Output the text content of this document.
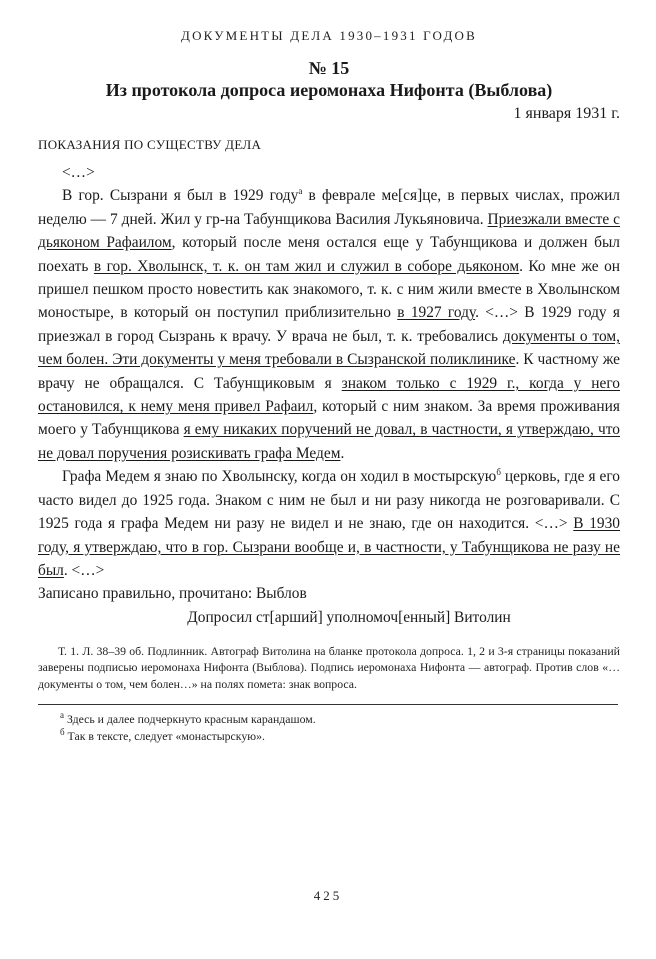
ДОКУМЕНТЫ ДЕЛА 1930–1931 ГОДОВ
№ 15
Из протокола допроса иеромонаха Нифонта (Выблова)
1 января 1931 г.
ПОКАЗАНИЯ ПО СУЩЕСТВУ ДЕЛА

<…>

В гор. Сызрани я был в 1929 году$^а$ в феврале ме[ся]це, в первых числах, прожил неделю — 7 дней. Жил у гр-на Табунщикова Василия Лукьяновича. Приезжали вместе с дьяконом Рафаилом, который после меня остался еще у Табунщикова и должен был поехать в гор. Хволынск, т. к. он там жил и служил в соборе дьяконом. Ко мне же он пришел пешком просто новестить как знакомого, т. к. с ним жили вместе в Хволынском моностыре, в который он поступил приблизительно в 1927 году. <…> В 1929 году я приезжал в город Сызрань к врачу. У врача не был, т. к. требовались документы о том, чем болен. Эти документы у меня требовали в Сызранской поликлинике. К частному же врачу не обращался. С Табунщиковым я знаком только с 1929 г., когда у него остановился, к нему меня привел Рафаил, который с ним знаком. За время проживания моего у Табунщикова я ему никаких поручений не довал, в частности, я утверждаю, что не довал поручения розискивать графа Медем.

Графа Медем я знаю по Хволынску, когда он ходил в мостырскую$^б$ церковь, где я его часто видел до 1925 года. Знаком с ним не был и ни разу никогда не розговаривали. С 1925 года я графа Медем ни разу не видел и не знаю, где он находится. <…> В 1930 году, я утверждаю, что в гор. Сызрани вообще и, в частности, у Табунщикова не разу не был. <…>

Записано правильно, прочитано: Выблов

Допросил ст[арший] уполномоч[енный] Витолин
Т. 1. Л. 38–39 об. Подлинник. Автограф Витолина на бланке протокола допроса. 1, 2 и 3-я страницы показаний заверены подписью иеромонаха Нифонта (Выблова). Подпись иеромонаха Нифонта — автограф. Против слов «…документы о том, чем болен…» на полях помета: знак вопроса.
$^а$ Здесь и далее подчеркнуто красным карандашом.
$^б$ Так в тексте, следует «монастырскую».
425
